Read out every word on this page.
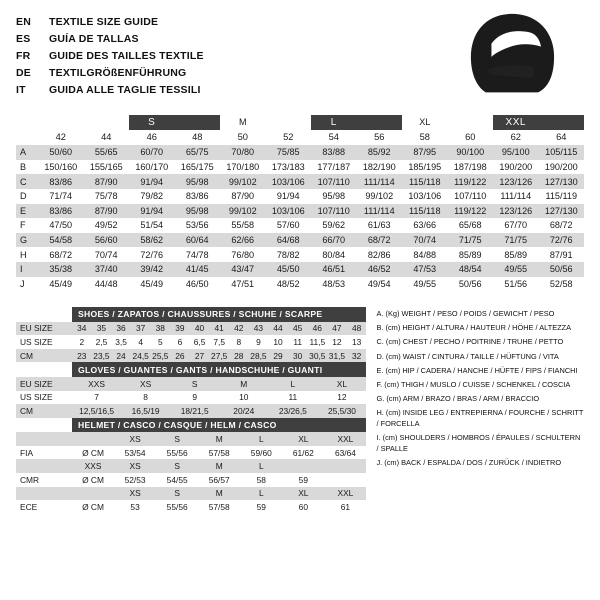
EN	TEXTILE SIZE GUIDE
ES	GUÍA DE TALLAS
FR	GUIDE DES TAILLES TEXTILE
DE	TEXTILGRÖßENFÜHRUNG
IT	GUIDA ALLE TAGLIE TESSILI
			S		M		L		XL		XXL	
	42	44	46	48	50	52	54	56	58	60	62	64
A	50/60	55/65	60/70	65/75	70/80	75/85	83/88	85/92	87/95	90/100	95/100	105/115
B	150/160	155/165	160/170	165/175	170/180	173/183	177/187	182/190	185/195	187/198	190/200	190/200
C	83/86	87/90	91/94	95/98	99/102	103/106	107/110	111/114	115/118	119/122	123/126	127/130
D	71/74	75/78	79/82	83/86	87/90	91/94	95/98	99/102	103/106	107/110	111/114	115/119
E	83/86	87/90	91/94	95/98	99/102	103/106	107/110	111/114	115/118	119/122	123/126	127/130
F	47/50	49/52	51/54	53/56	55/58	57/60	59/62	61/63	63/66	65/68	67/70	68/72
G	54/58	56/60	58/62	60/64	62/66	64/68	66/70	68/72	70/74	71/75	71/75	72/76
H	68/72	70/74	72/76	74/78	76/80	78/82	80/84	82/86	84/88	85/89	85/89	87/91
I	35/38	37/40	39/42	41/45	43/47	45/50	46/51	46/52	47/53	48/54	49/55	50/56
J	45/49	44/48	45/49	46/50	47/51	48/52	48/53	49/54	49/55	50/56	51/56	52/58
	SHOES / ZAPATOS / CHAUSSURES / SCHUHE / SCARPE														
EU SIZE	34	35	36	37	38	39	40	41	42	43	44	45	46	47	48
US SIZE	2	2,5	3,5	4	5	6	6,5	7,5	8	9	10	11	11,5	12	13
CM	23	23,5	24	24,5	25,5	26	27	27,5	28	28,5	29	30	30,5	31,5	32
	GLOVES / GUANTES / GANTS / HANDSCHUHE / GUANTI					
EU SIZE	XXS	XS	S	M	L	XL
US SIZE	7	8	9	10	11	12
CM	12,5/16,5	16,5/19	18/21,5	20/24	23/26,5	25,5/30
	HELMET / CASCO / CASQUE / HELM / CASCO						
		XS	S	M	L	XL	XXL
FIA	Ø CM	53/54	55/56	57/58	59/60	61/62	63/64
	XXS	XS	S	M	L		
CMR	Ø CM	52/53	54/55	56/57	58	59	
		XS	S	M	L	XL	XXL
ECE	Ø CM	53	55/56	57/58	59	60	61

A. (Kg) WEIGHT / PESO / POIDS / GEWICHT / PESO

B. (cm) HEIGHT / ALTURA / HAUTEUR / HÖHE / ALTEZZA

C. (cm) CHEST / PECHO / POITRINE / TRUHE / PETTO

D. (cm) WAIST / CINTURA / TAILLE / HÜFTUNG / VITA

E. (cm) HIP / CADERA / HANCHE / HÜFTE / FIPS / FIANCHI

F. (cm) THIGH / MUSLO / CUISSE / SCHENKEL / COSCIA

G. (cm) ARM / BRAZO / BRAS / ARM / BRACCIO

H. (cm) INSIDE LEG / ENTREPIERNA / FOURCHE / SCHRITT / FORCELLA

I. (cm) SHOULDERS / HOMBROS / ÉPAULES / SCHULTERN / SPALLE

J. (cm) BACK / ESPALDA / DOS / ZURÜCK / INDIETRO
